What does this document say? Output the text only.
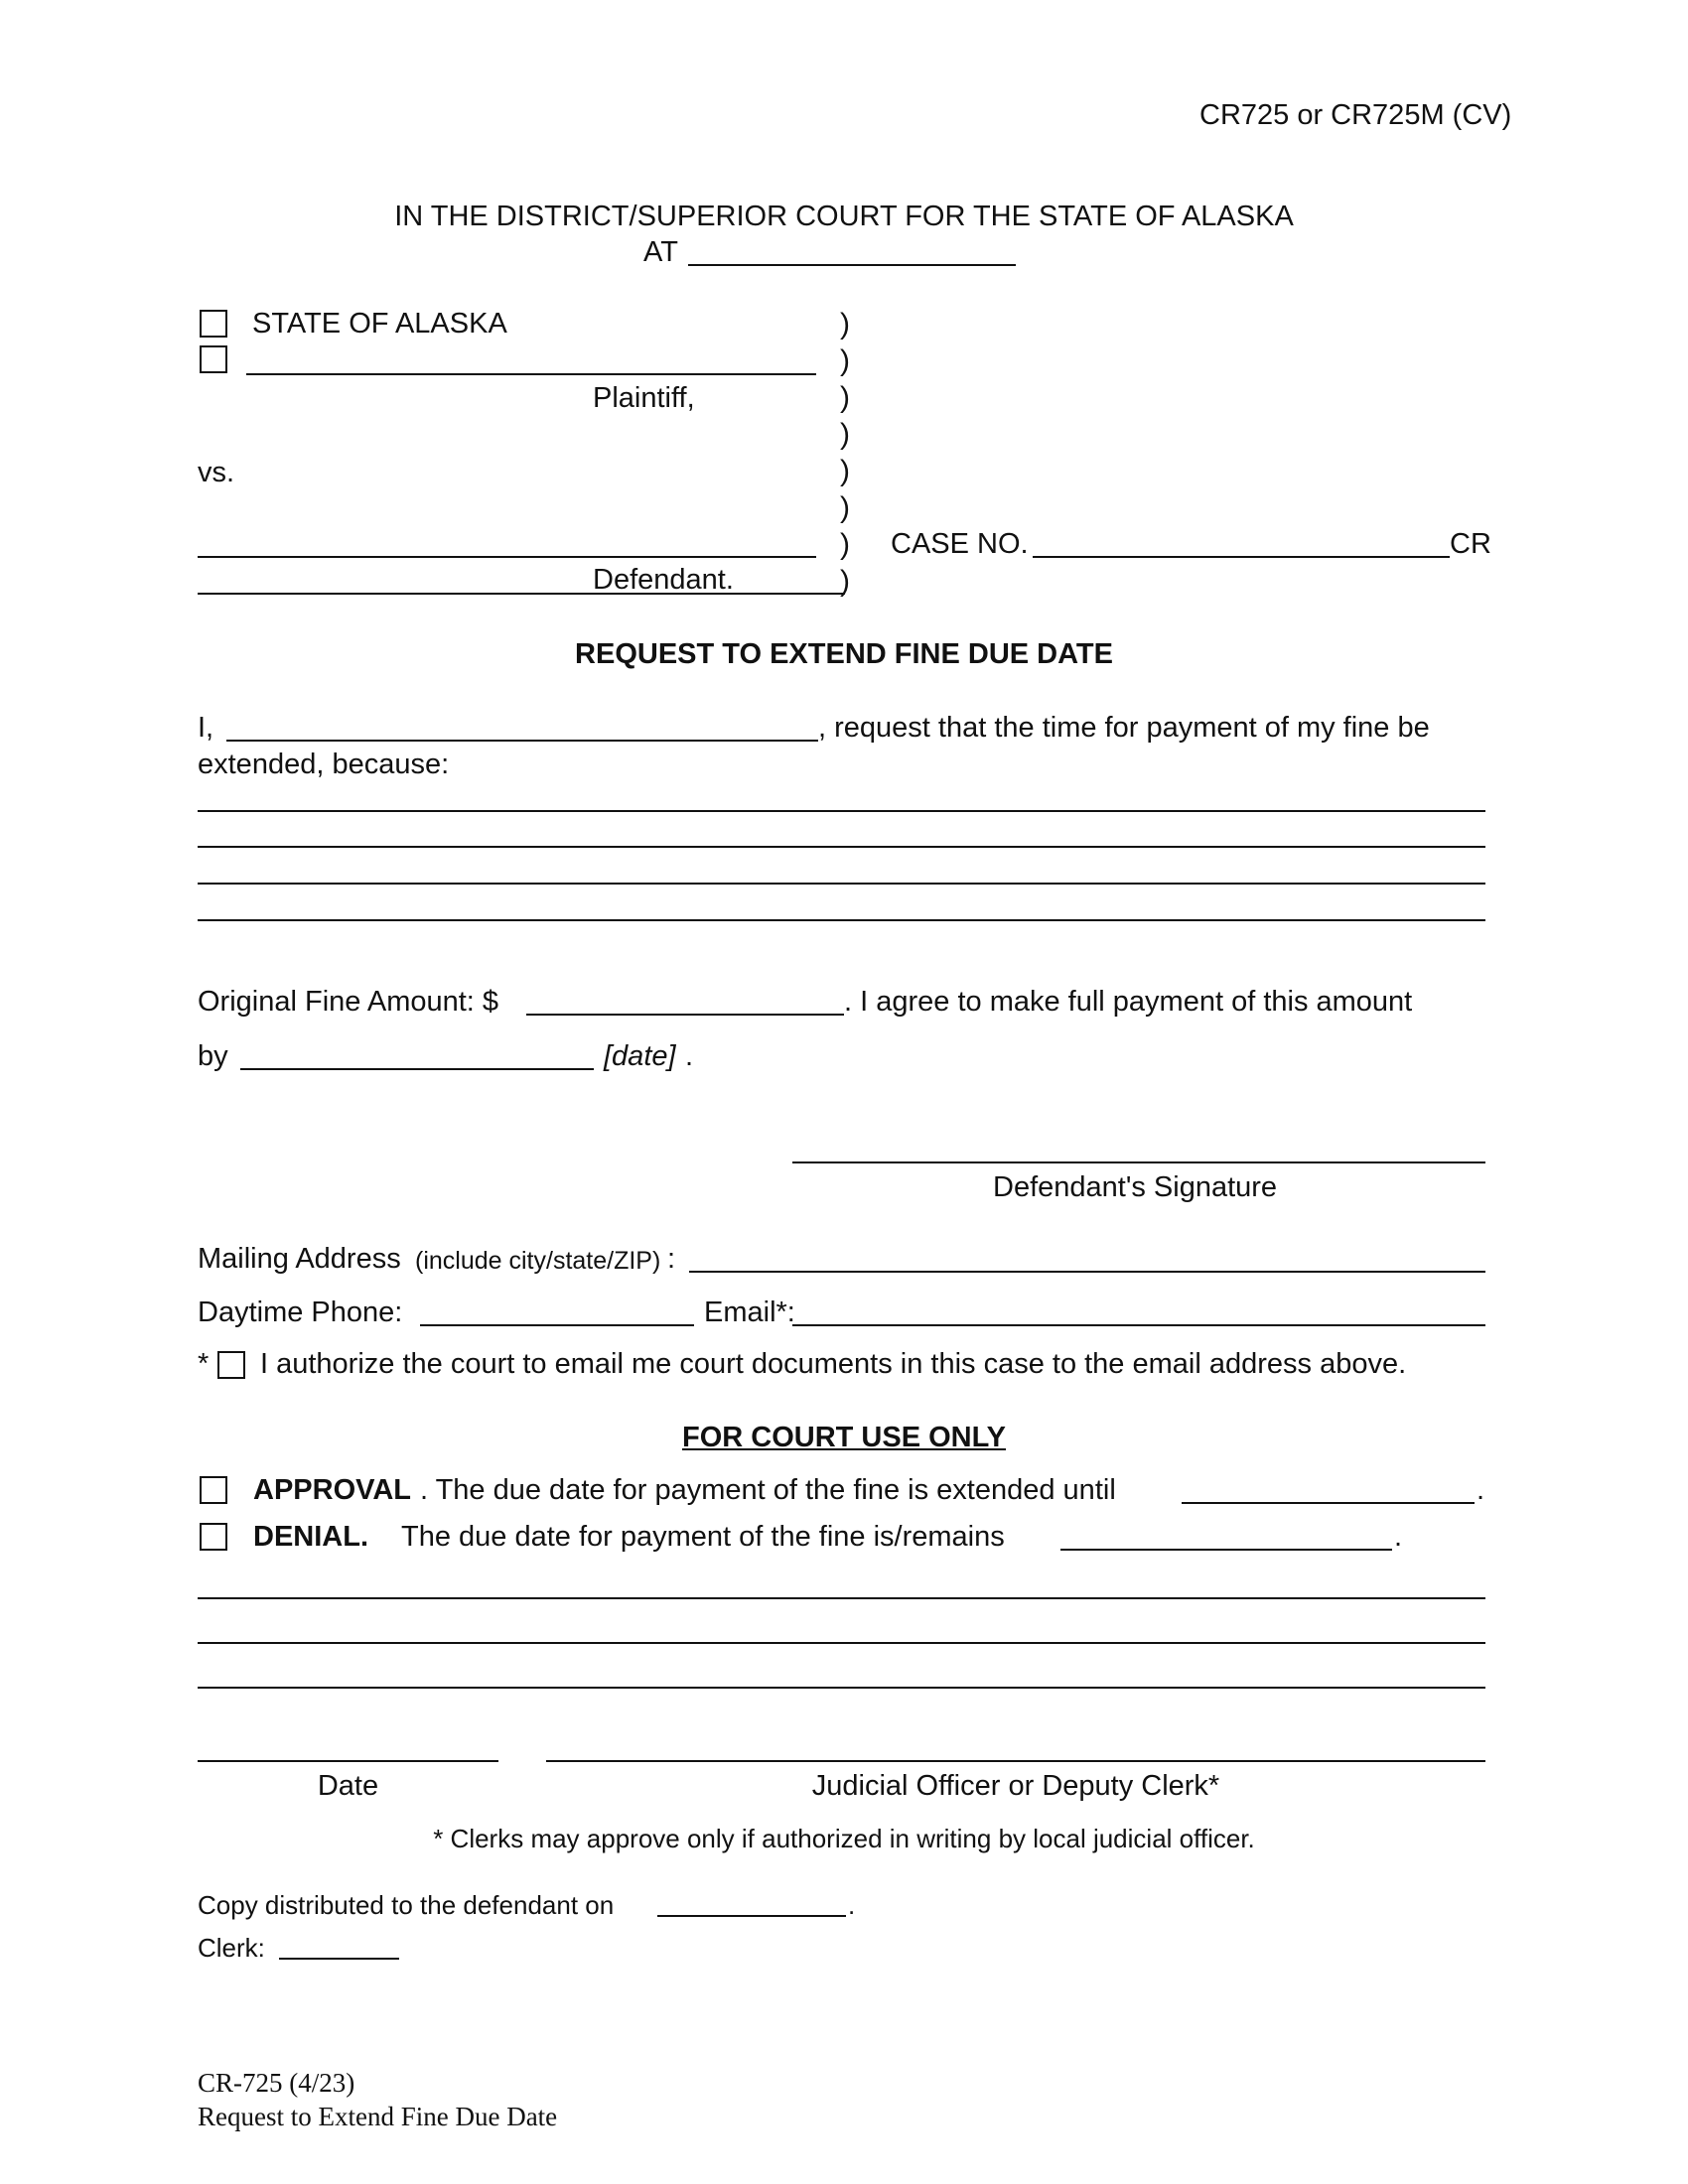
CR725 or CR725M (CV)
IN THE DISTRICT/SUPERIOR COURT FOR THE STATE OF ALASKA
AT
STATE OF ALASKA
Plaintiff,
vs.
Defendant.
)
)
)
)
)
)
)
)
CASE NO.	CR
REQUEST TO EXTEND FINE DUE DATE
I,	, request that the time for payment of my fine be
extended, because:
Original Fine Amount: $	. I agree to make full payment of this amount
by	[date] .
Defendant's Signature
Mailing Address (include city/state/ZIP) :
Daytime Phone:	Email*:
* I authorize the court to email me court documents in this case to the email address above.
FOR COURT USE ONLY
APPROVAL . The due date for payment of the fine is extended until	.
DENIAL. The due date for payment of the fine is/remains	.
Date	Judicial Officer or Deputy Clerk*
* Clerks may approve only if authorized in writing by local judicial officer.
Copy distributed to the defendant on	.
Clerk:
CR-725 (4/23)
Request to Extend Fine Due Date
